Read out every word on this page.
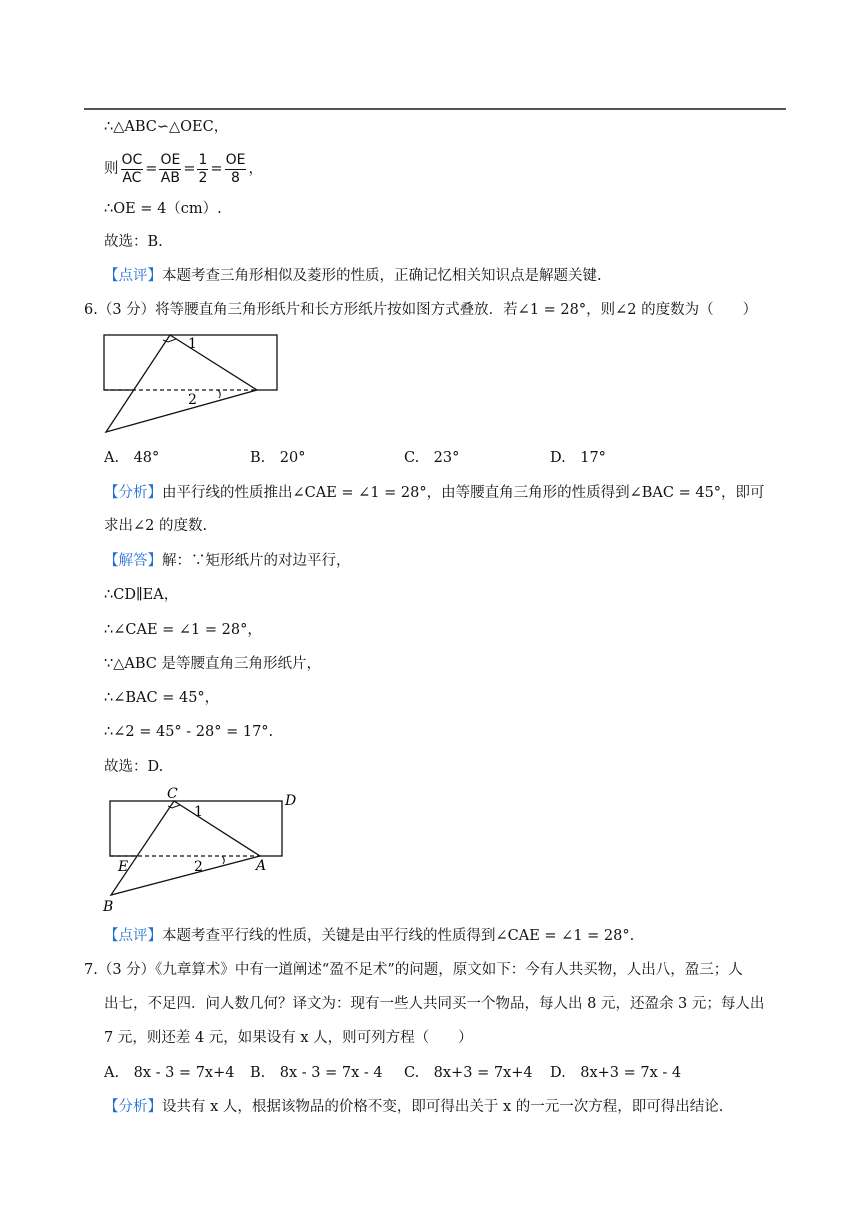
∴△ABC∽△OEC，
则 $\frac{OC}{AC} = \frac{OE}{AB} = \frac{1}{2} = \frac{OE}{8}$ ，
∴OE = 4（cm）.
故选：B.
【点评】本题考查三角形相似及菱形的性质，正确记忆相关知识点是解题关键.
6.（3 分）将等腰直角三角形纸片和长方形纸片按如图方式叠放．若∠1 = 28°，则∠2 的度数为（　　）
1
2
A.　48°	B.　20°	C.　23°	D.　17°
【分析】由平行线的性质推出∠CAE = ∠1 = 28°，由等腰直角三角形的性质得到∠BAC = 45°，即可
求出∠2 的度数.
【解答】解：∵矩形纸片的对边平行，
∴CD∥EA，
∴∠CAE = ∠1 = 28°，
∵△ABC 是等腰直角三角形纸片，
∴∠BAC = 45°，
∴∠2 = 45° - 28° = 17°.
故选：D.
C	D
E	A
B
1
2
【点评】本题考查平行线的性质，关键是由平行线的性质得到∠CAE = ∠1 = 28°.
7.（3 分）《九章算术》中有一道阐述“盈不足术”的问题，原文如下：今有人共买物，人出八，盈三；人
出七，不足四．问人数几何？译文为：现有一些人共同买一个物品，每人出 8 元，还盈余 3 元；每人出
7 元，则还差 4 元，如果设有 x 人，则可列方程（　　）
A.　8x - 3 = 7x+4 B.　8x - 3 = 7x - 4 C.　8x+3 = 7x+4 D.　8x+3 = 7x - 4
【分析】设共有 x 人，根据该物品的价格不变，即可得出关于 x 的一元一次方程，即可得出结论.
